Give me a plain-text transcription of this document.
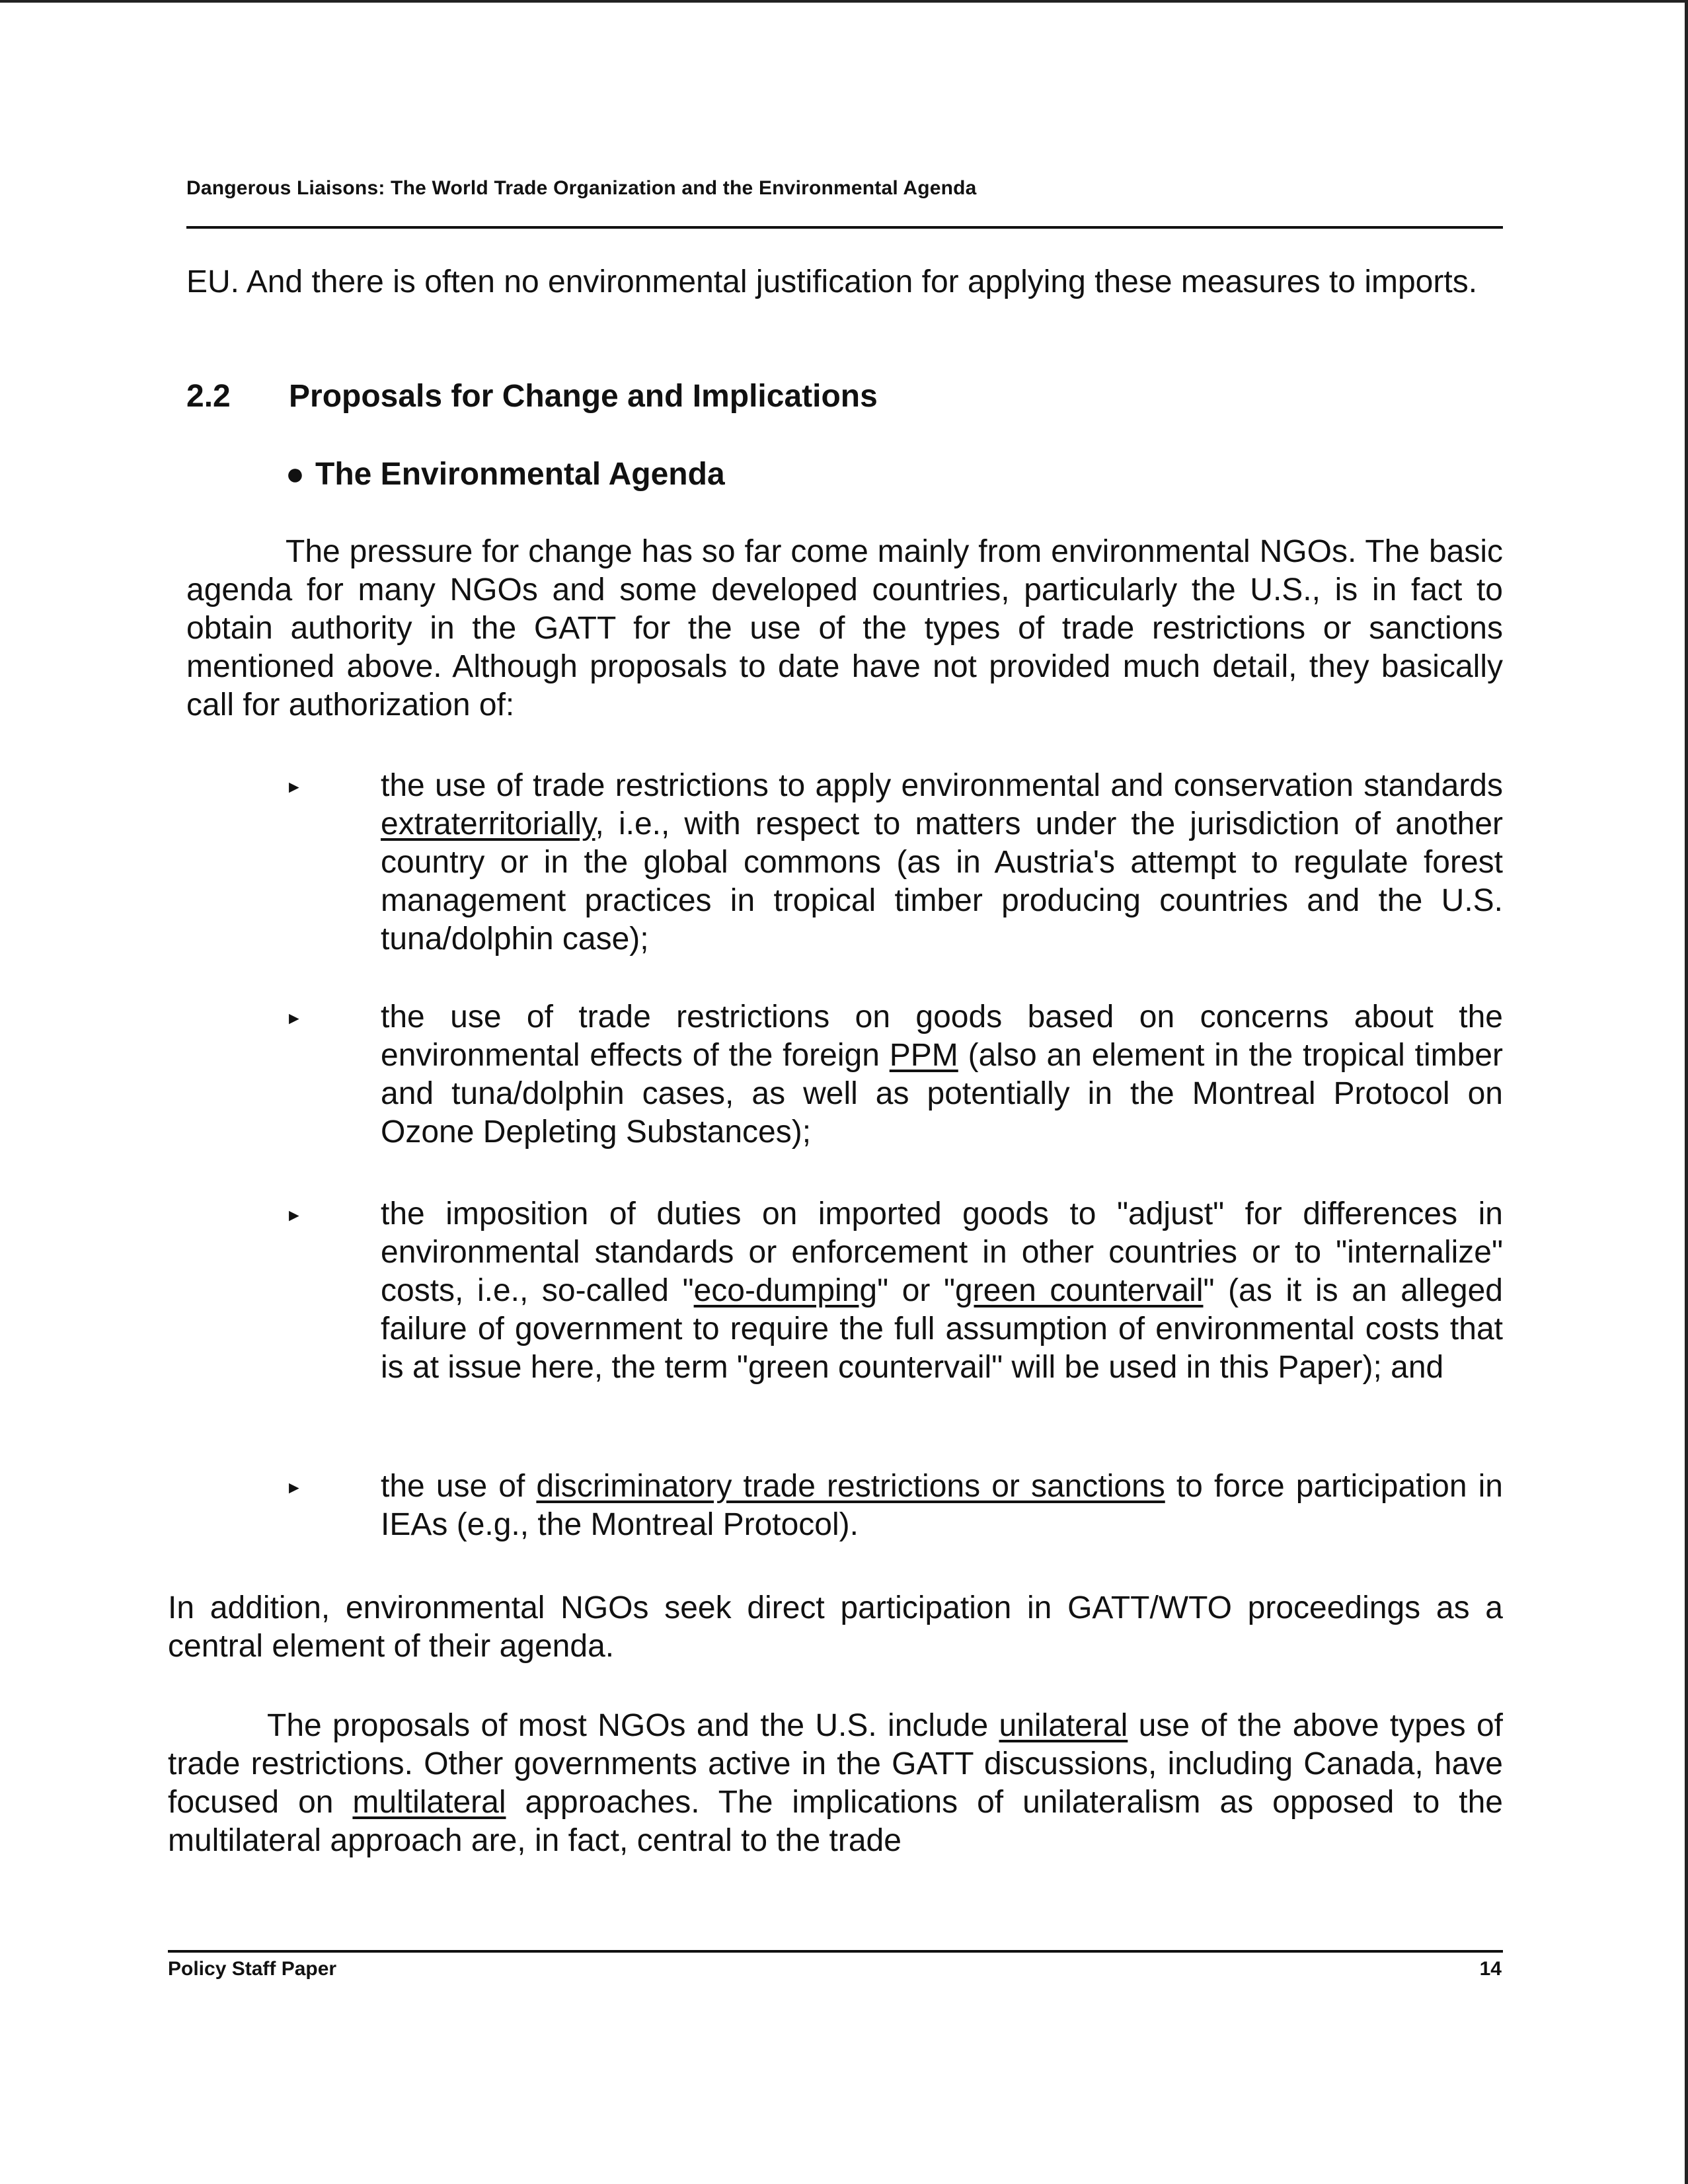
Dangerous Liaisons: The World Trade Organization and the Environmental Agenda

EU. And there is often no environmental justification for applying these measures to imports.

2.2 Proposals for Change and Implications
● The Environmental Agenda

The pressure for change has so far come mainly from environmental NGOs. The basic agenda for many NGOs and some developed countries, particularly the U.S., is in fact to obtain authority in the GATT for the use of the types of trade restrictions or sanctions mentioned above. Although proposals to date have not provided much detail, they basically call for authorization of:

► the use of trade restrictions to apply environmental and conservation standards extraterritorially, i.e., with respect to matters under the jurisdiction of another country or in the global commons (as in Austria's attempt to regulate forest management practices in tropical timber producing countries and the U.S. tuna/dolphin case);

► the use of trade restrictions on goods based on concerns about the environmental effects of the foreign PPM (also an element in the tropical timber and tuna/dolphin cases, as well as potentially in the Montreal Protocol on Ozone Depleting Substances);

► the imposition of duties on imported goods to "adjust" for differences in environmental standards or enforcement in other countries or to "internalize" costs, i.e., so-called "eco-dumping" or "green countervail" (as it is an alleged failure of government to require the full assumption of environmental costs that is at issue here, the term "green countervail" will be used in this Paper); and

► the use of discriminatory trade restrictions or sanctions to force participation in IEAs (e.g., the Montreal Protocol).

In addition, environmental NGOs seek direct participation in GATT/WTO proceedings as a central element of their agenda.

The proposals of most NGOs and the U.S. include unilateral use of the above types of trade restrictions. Other governments active in the GATT discussions, including Canada, have focused on multilateral approaches. The implications of unilateralism as opposed to the multilateral approach are, in fact, central to the trade

Policy Staff Paper	14
